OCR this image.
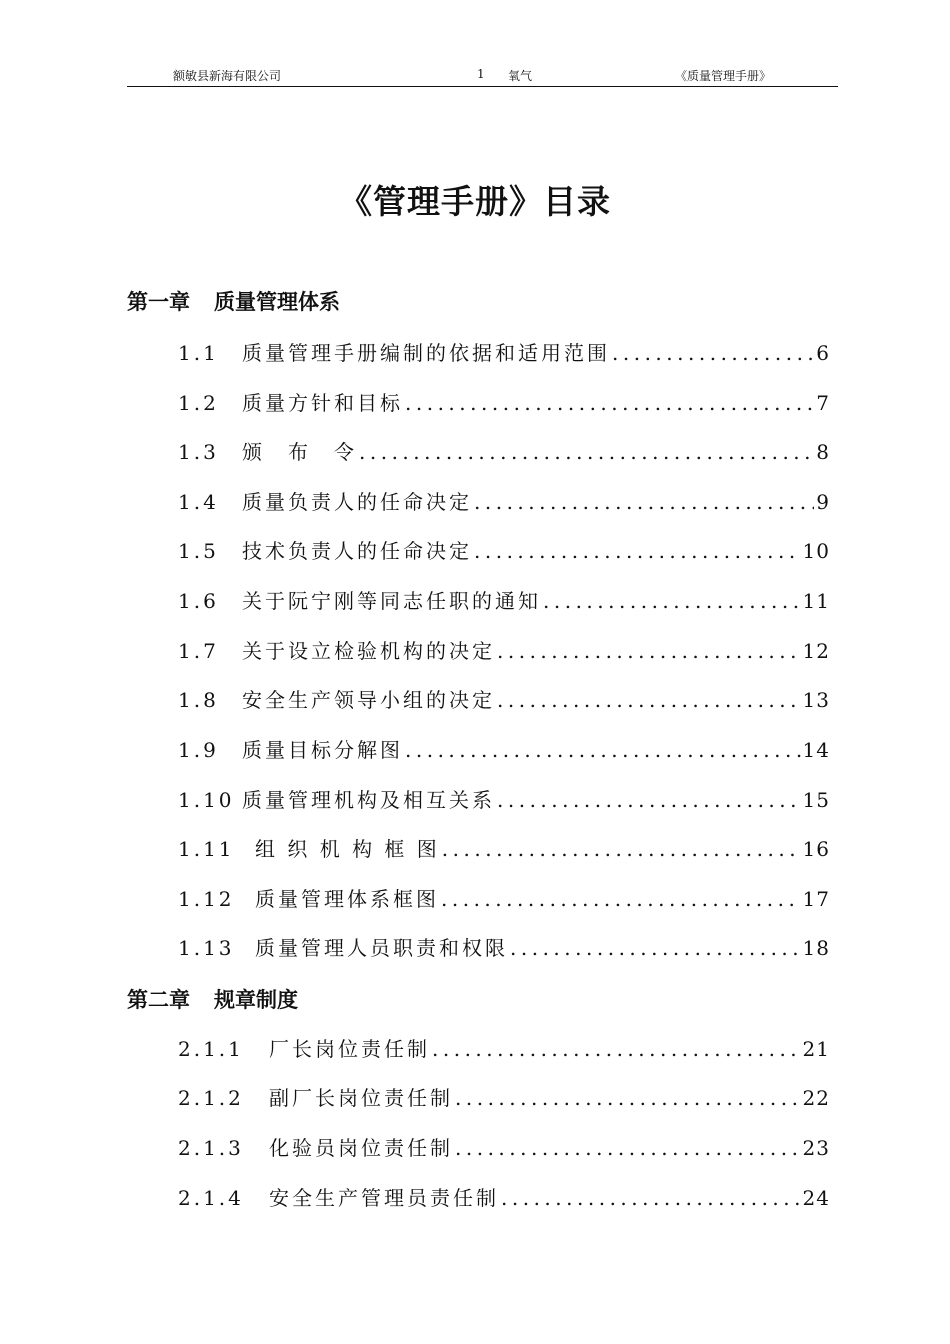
额敏县新海有限公司	1 氧气	《质量管理手册》
《管理手册》目录
第一章 质量管理体系
1.1	质量管理手册编制的依据和适用范围 .....	6
1.2	质量方针和目标 .....	7
1.3	颁　布　令 .....	8
1.4	质量负责人的任命决定 .....	9
1.5	技术负责人的任命决定 .....	10
1.6	关于阮宁刚等同志任职的通知 .....	11
1.7	关于设立检验机构的决定 .....	12
1.8	安全生产领导小组的决定 .....	13
1.9	质量目标分解图 .....	14
1.10 质量管理机构及相互关系 .....	15
1.11	组 织 机 构 框 图 .....	16
1.12	质量管理体系框图 .....	17
1.13	质量管理人员职责和权限 .....	18
第二章 规章制度
2.1.1	厂长岗位责任制 .....	21
2.1.2	副厂长岗位责任制 .....	22
2.1.3	化验员岗位责任制 .....	23
2.1.4	安全生产管理员责任制 .....	24
